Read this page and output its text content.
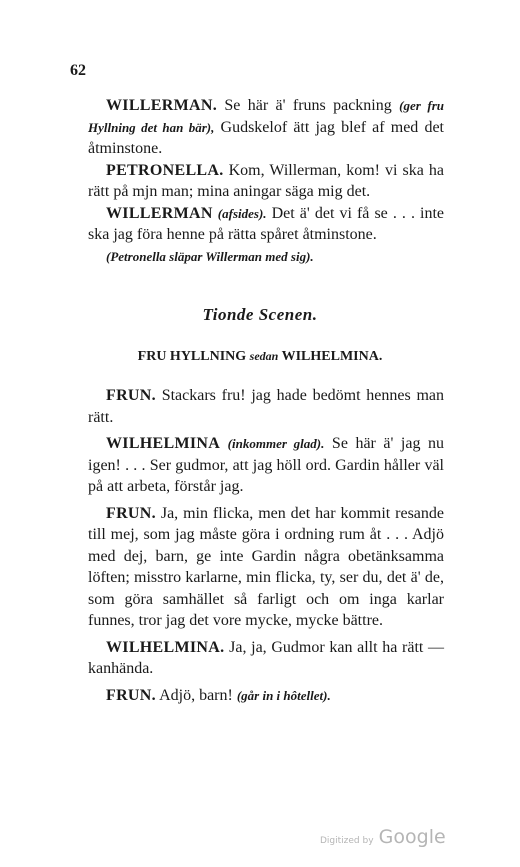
62

WILLERMAN. Se här ä' fruns packning (ger fru Hyllning det han bär), Gudskelof ätt jag blef af med det åtminstone.

PETRONELLA. Kom, Willerman, kom! vi ska ha rätt på mjn man; mina aningar säga mig det.

WILLERMAN (afsides). Det ä' det vi få se . . . inte ska jag föra henne på rätta spåret åtminstone.

(Petronella släpar Willerman med sig).

Tionde Scenen.
FRU HYLLNING sedan WILHELMINA.

FRUN. Stackars fru! jag hade bedömt hennes man rätt.

WILHELMINA (inkommer glad). Se här ä' jag nu igen! . . . Ser gudmor, att jag höll ord. Gardin håller väl på att arbeta, förstår jag.

FRUN. Ja, min flicka, men det har kommit resande till mej, som jag måste göra i ordning rum åt . . . Adjö med dej, barn, ge inte Gardin några obetänksamma löften; misstro karlarne, min flicka, ty, ser du, det ä' de, som göra samhället så farligt och om inga karlar funnes, tror jag det vore mycke, mycke bättre.

WILHELMINA. Ja, ja, Gudmor kan allt ha rätt — kanhända.

FRUN. Adjö, barn! (går in i hôtellet).

Digitized by Google
